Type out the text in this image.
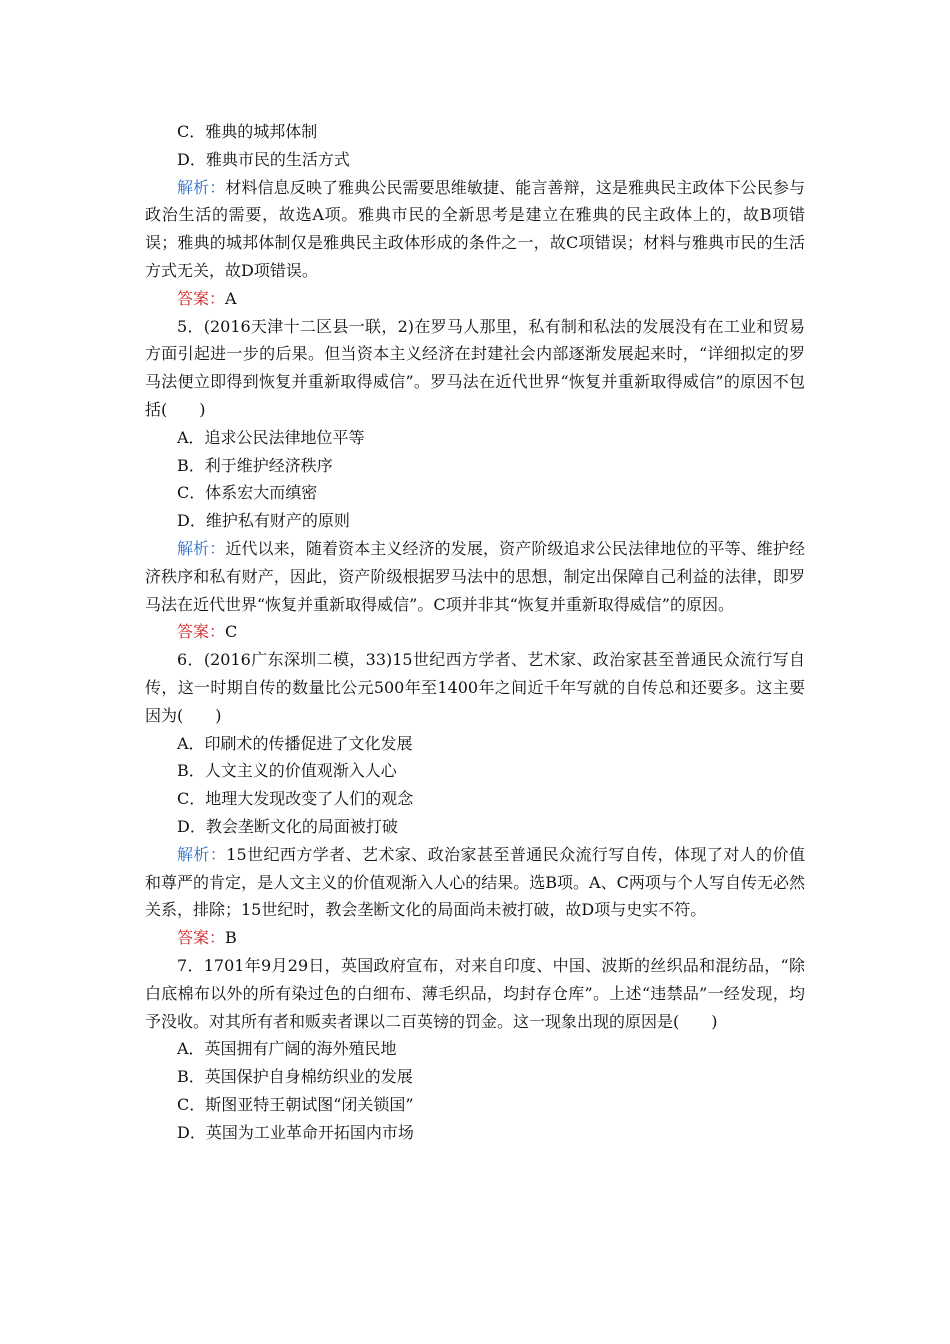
C．雅典的城邦体制

D．雅典市民的生活方式

解析：材料信息反映了雅典公民需要思维敏捷、能言善辩，这是雅典民主政体下公民参与政治生活的需要，故选A项。雅典市民的全新思考是建立在雅典的民主政体上的，故B项错误；雅典的城邦体制仅是雅典民主政体形成的条件之一，故C项错误；材料与雅典市民的生活方式无关，故D项错误。

答案：A

5．(2016天津十二区县一联，2)在罗马人那里，私有制和私法的发展没有在工业和贸易方面引起进一步的后果。但当资本主义经济在封建社会内部逐渐发展起来时，“详细拟定的罗马法便立即得到恢复并重新取得威信”。罗马法在近代世界“恢复并重新取得威信”的原因不包括(　　)

A．追求公民法律地位平等

B．利于维护经济秩序

C．体系宏大而缜密

D．维护私有财产的原则

解析：近代以来，随着资本主义经济的发展，资产阶级追求公民法律地位的平等、维护经济秩序和私有财产，因此，资产阶级根据罗马法中的思想，制定出保障自己利益的法律，即罗马法在近代世界“恢复并重新取得威信”。C项并非其“恢复并重新取得威信”的原因。

答案：C

6．(2016广东深圳二模，33)15世纪西方学者、艺术家、政治家甚至普通民众流行写自传，这一时期自传的数量比公元500年至1400年之间近千年写就的自传总和还要多。这主要因为(　　)

A．印刷术的传播促进了文化发展

B．人文主义的价值观渐入人心

C．地理大发现改变了人们的观念

D．教会垄断文化的局面被打破

解析：15世纪西方学者、艺术家、政治家甚至普通民众流行写自传，体现了对人的价值和尊严的肯定，是人文主义的价值观渐入人心的结果。选B项。A、C两项与个人写自传无必然关系，排除；15世纪时，教会垄断文化的局面尚未被打破，故D项与史实不符。

答案：B

7．1701年9月29日，英国政府宣布，对来自印度、中国、波斯的丝织品和混纺品，“除白底棉布以外的所有染过色的白细布、薄毛织品，均封存仓库”。上述“违禁品”一经发现，均予没收。对其所有者和贩卖者课以二百英镑的罚金。这一现象出现的原因是(　　)

A．英国拥有广阔的海外殖民地

B．英国保护自身棉纺织业的发展

C．斯图亚特王朝试图“闭关锁国”

D．英国为工业革命开拓国内市场
